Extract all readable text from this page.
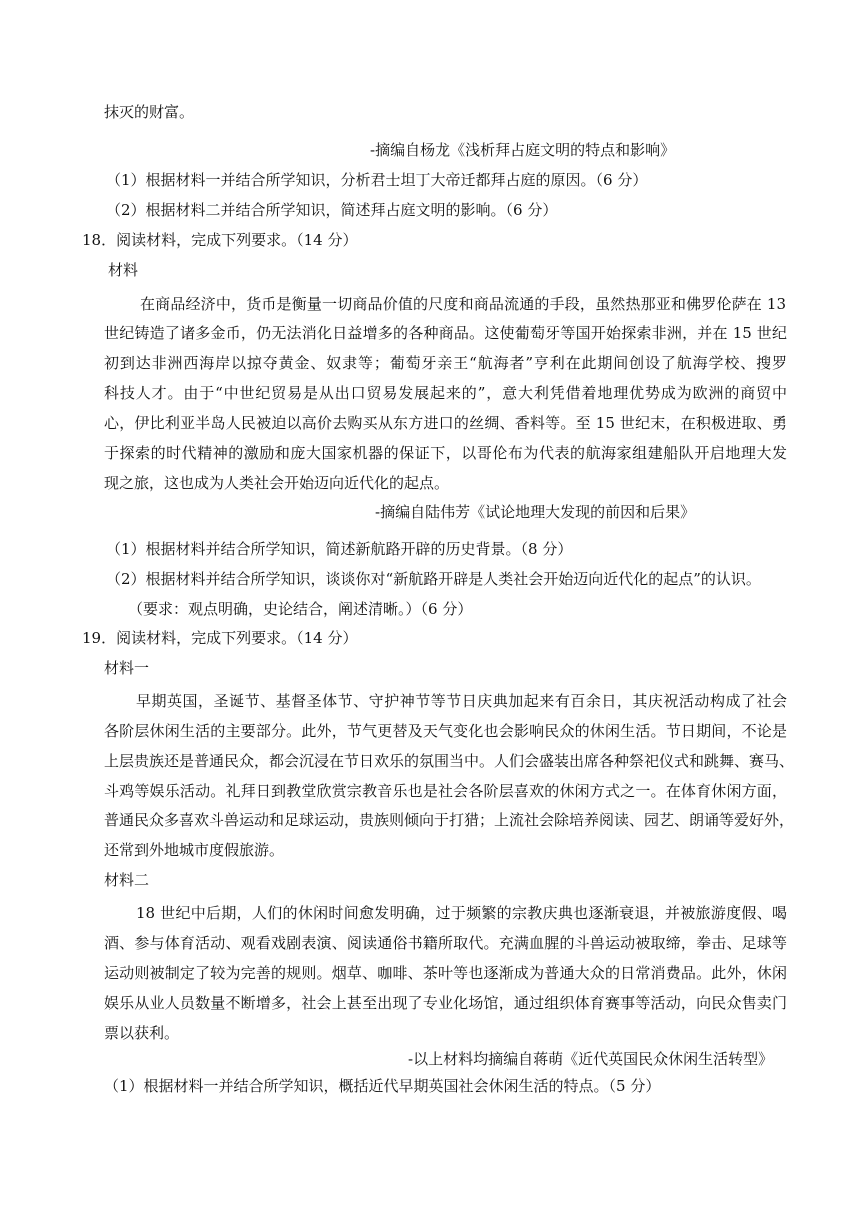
抹灭的财富。
-摘编自杨龙《浅析拜占庭文明的特点和影响》
（1）根据材料一并结合所学知识，分析君士坦丁大帝迁都拜占庭的原因。（6 分）
（2）根据材料二并结合所学知识，简述拜占庭文明的影响。（6 分）
18．阅读材料，完成下列要求。（14 分）
材料
在商品经济中，货币是衡量一切商品价值的尺度和商品流通的手段，虽然热那亚和佛罗伦萨在 13
世纪铸造了诸多金币，仍无法消化日益增多的各种商品。这使葡萄牙等国开始探索非洲，并在 15 世纪
初到达非洲西海岸以掠夺黄金、奴隶等；葡萄牙亲王“航海者”亨利在此期间创设了航海学校、搜罗
科技人才。由于“中世纪贸易是从出口贸易发展起来的”，意大利凭借着地理优势成为欧洲的商贸中
心，伊比利亚半岛人民被迫以高价去购买从东方进口的丝绸、香料等。至 15 世纪末，在积极进取、勇
于探索的时代精神的激励和庞大国家机器的保证下，以哥伦布为代表的航海家组建船队开启地理大发
现之旅，这也成为人类社会开始迈向近代化的起点。
-摘编自陆伟芳《试论地理大发现的前因和后果》
（1）根据材料并结合所学知识，简述新航路开辟的历史背景。（8 分）
（2）根据材料并结合所学知识，谈谈你对“新航路开辟是人类社会开始迈向近代化的起点”的认识。
（要求：观点明确，史论结合，阐述清晰。）（6 分）
19．阅读材料，完成下列要求。（14 分）
材料一
早期英国，圣诞节、基督圣体节、守护神节等节日庆典加起来有百余日，其庆祝活动构成了社会
各阶层休闲生活的主要部分。此外，节气更替及天气变化也会影响民众的休闲生活。节日期间，不论是
上层贵族还是普通民众，都会沉浸在节日欢乐的氛围当中。人们会盛装出席各种祭祀仪式和跳舞、赛马、
斗鸡等娱乐活动。礼拜日到教堂欣赏宗教音乐也是社会各阶层喜欢的休闲方式之一。在体育休闲方面，
普通民众多喜欢斗兽运动和足球运动，贵族则倾向于打猎；上流社会除培养阅读、园艺、朗诵等爱好外，
还常到外地城市度假旅游。
材料二
18 世纪中后期，人们的休闲时间愈发明确，过于频繁的宗教庆典也逐渐衰退，并被旅游度假、喝
酒、参与体育活动、观看戏剧表演、阅读通俗书籍所取代。充满血腥的斗兽运动被取缔，拳击、足球等
运动则被制定了较为完善的规则。烟草、咖啡、茶叶等也逐渐成为普通大众的日常消费品。此外，休闲
娱乐从业人员数量不断增多，社会上甚至出现了专业化场馆，通过组织体育赛事等活动，向民众售卖门
票以获利。
-以上材料均摘编自蒋萌《近代英国民众休闲生活转型》
（1）根据材料一并结合所学知识，概括近代早期英国社会休闲生活的特点。（5 分）
